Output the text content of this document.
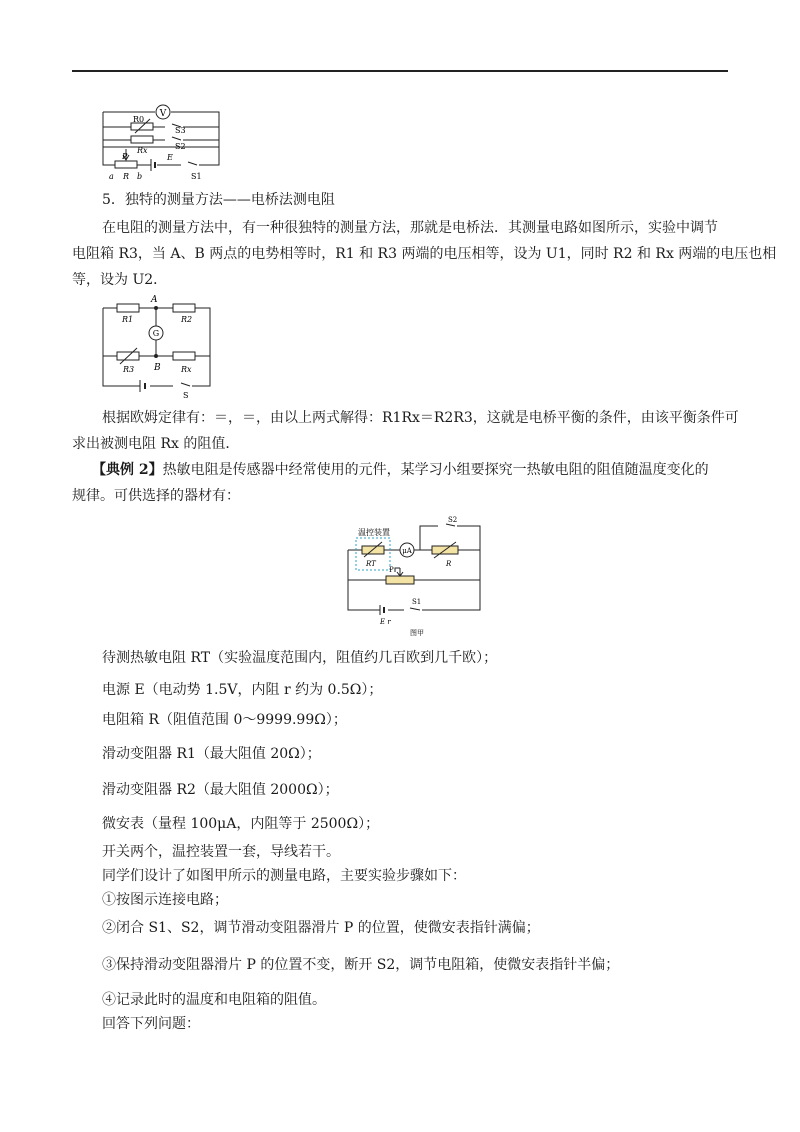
V
R0
S3
Rx	S2
P	E
a R b	S1
5．独特的测量方法——电桥法测电阻
在电阻的测量方法中，有一种很独特的测量方法，那就是电桥法．其测量电路如图所示，实验中调节
电阻箱 R3，当 A、B 两点的电势相等时，R1 和 R3 两端的电压相等，设为 U1，同时 R2 和 Rx 两端的电压也相
等，设为 U2．
A
R1	R2
G
R3 B	Rx
S
根据欧姆定律有：＝，＝，由以上两式解得：R1Rx＝R2R3，这就是电桥平衡的条件，由该平衡条件可
求出被测电阻 Rx 的阻值．
【典例 2】热敏电阻是传感器中经常使用的元件，某学习小组要探究一热敏电阻的阻值随温度变化的
规律。可供选择的器材有：
温控装置
RT
μA
S2
R
P
S1
E r
图甲
待测热敏电阻 RT（实验温度范围内，阻值约几百欧到几千欧）；
电源 E（电动势 1.5V，内阻 r 约为 0.5Ω）；
电阻箱 R（阻值范围 0～9999.99Ω）；
滑动变阻器 R1（最大阻值 20Ω）；
滑动变阻器 R2（最大阻值 2000Ω）；
微安表（量程 100μA，内阻等于 2500Ω）；
开关两个，温控装置一套，导线若干。
同学们设计了如图甲所示的测量电路，主要实验步骤如下：
①按图示连接电路；
②闭合 S1、S2，调节滑动变阻器滑片 P 的位置，使微安表指针满偏；
③保持滑动变阻器滑片 P 的位置不变，断开 S2，调节电阻箱，使微安表指针半偏；
④记录此时的温度和电阻箱的阻值。
回答下列问题：
